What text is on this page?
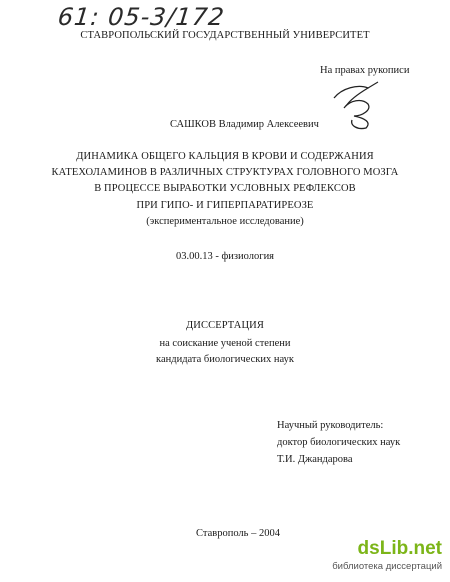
61: 05-3/172
СТАВРОПОЛЬСКИЙ ГОСУДАРСТВЕННЫЙ УНИВЕРСИТЕТ
На правах рукописи
САШКОВ Владимир Алексеевич
ДИНАМИКА ОБЩЕГО КАЛЬЦИЯ В КРОВИ И СОДЕРЖАНИЯ
КАТЕХОЛАМИНОВ В РАЗЛИЧНЫХ СТРУКТУРАХ ГОЛОВНОГО МОЗГА
В ПРОЦЕССЕ ВЫРАБОТКИ УСЛОВНЫХ РЕФЛЕКСОВ
ПРИ ГИПО- И ГИПЕРПАРАТИРЕОЗЕ
(экспериментальное исследование)
03.00.13 - физиология
ДИССЕРТАЦИЯ
на соискание ученой степени
кандидата биологических наук
Научный руководитель:
доктор биологических наук
Т.И. Джандарова
Ставрополь – 2004
dsLib.net
библиотека диссертаций
